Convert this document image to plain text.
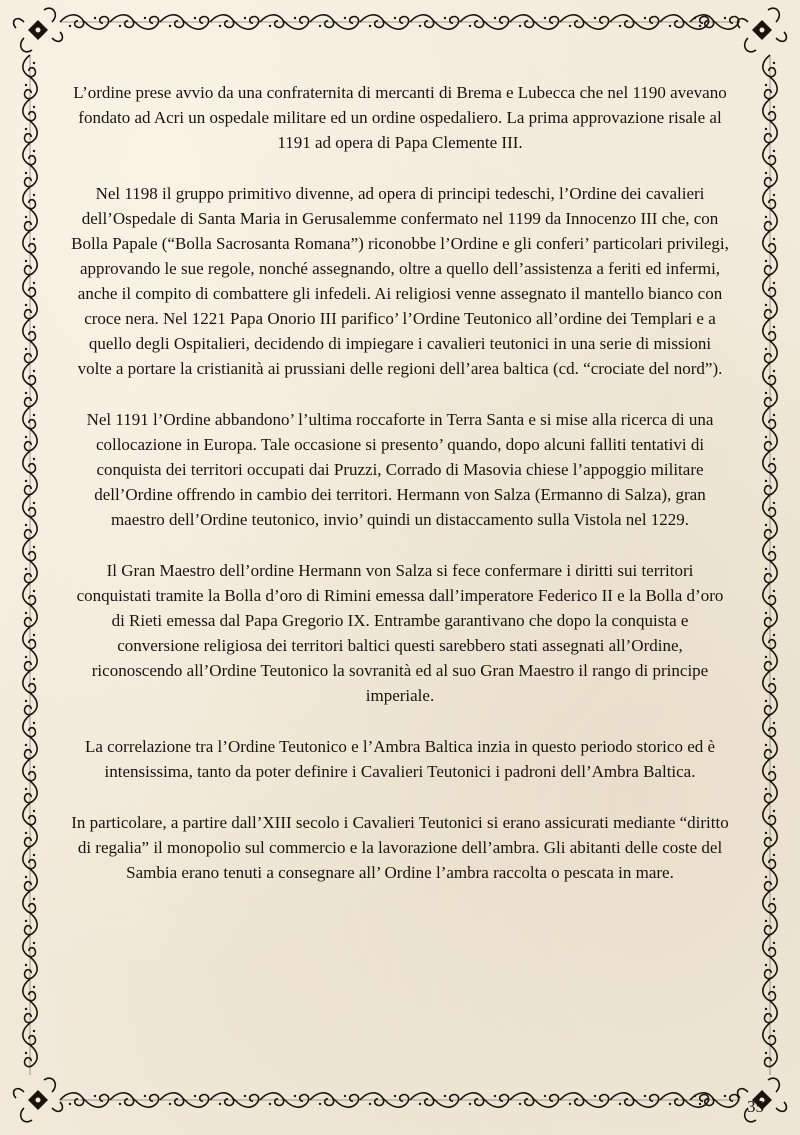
L’ordine prese avvio da una confraternita di mercanti di Brema e Lubecca che nel 1190 avevano fondato ad Acri un ospedale militare ed un ordine ospedaliero. La prima approvazione risale al 1191 ad opera di Papa Clemente III.

Nel 1198 il gruppo primitivo divenne, ad opera di principi tedeschi, l’Ordine dei cavalieri dell’Ospedale di Santa Maria in Gerusalemme confermato nel 1199 da Innocenzo III che, con Bolla Papale (“Bolla Sacrosanta Romana”) riconobbe l’Ordine e gli conferi’ particolari privilegi, approvando le sue regole, nonché assegnando, oltre a quello dell’assistenza a feriti ed infermi, anche il compito di combattere gli infedeli. Ai religiosi venne assegnato il mantello bianco con croce nera. Nel 1221 Papa Onorio III parifico’ l’Ordine Teutonico all’ordine dei Templari e a quello degli Ospitalieri, decidendo di impiegare i cavalieri teutonici in una serie di missioni volte a portare la cristianità ai prussiani delle regioni dell’area baltica (cd. “crociate del nord”).

Nel 1191 l’Ordine abbandono’ l’ultima roccaforte in Terra Santa e si mise alla ricerca di una collocazione in Europa. Tale occasione si presento’ quando, dopo alcuni falliti tentativi di conquista dei territori occupati dai Pruzzi, Corrado di Masovia chiese l’appoggio militare dell’Ordine offrendo in cambio dei territori. Hermann von Salza (Ermanno di Salza), gran maestro dell’Ordine teutonico, invio’ quindi un distaccamento sulla Vistola nel 1229.

Il Gran Maestro dell’ordine Hermann von Salza si fece confermare i diritti sui territori conquistati tramite la Bolla d’oro di Rimini emessa dall’imperatore Federico II e la Bolla d’oro di Rieti emessa dal Papa Gregorio IX. Entrambe garantivano che dopo la conquista e conversione religiosa dei territori baltici questi sarebbero stati assegnati all’Ordine, riconoscendo all’Ordine Teutonico la sovranità ed al suo Gran Maestro il rango di principe imperiale.

La correlazione tra l’Ordine Teutonico e l’Ambra Baltica inzia in questo periodo storico ed è intensissima, tanto da poter definire i Cavalieri Teutonici i padroni dell’Ambra Baltica.

In particolare, a partire dall’XIII secolo i Cavalieri Teutonici si erano assicurati mediante “diritto di regalia” il monopolio sul commercio e la lavorazione dell’ambra. Gli abitanti delle coste del Sambia erano tenuti a consegnare all’ Ordine l’ambra raccolta o pescata in mare.

35
